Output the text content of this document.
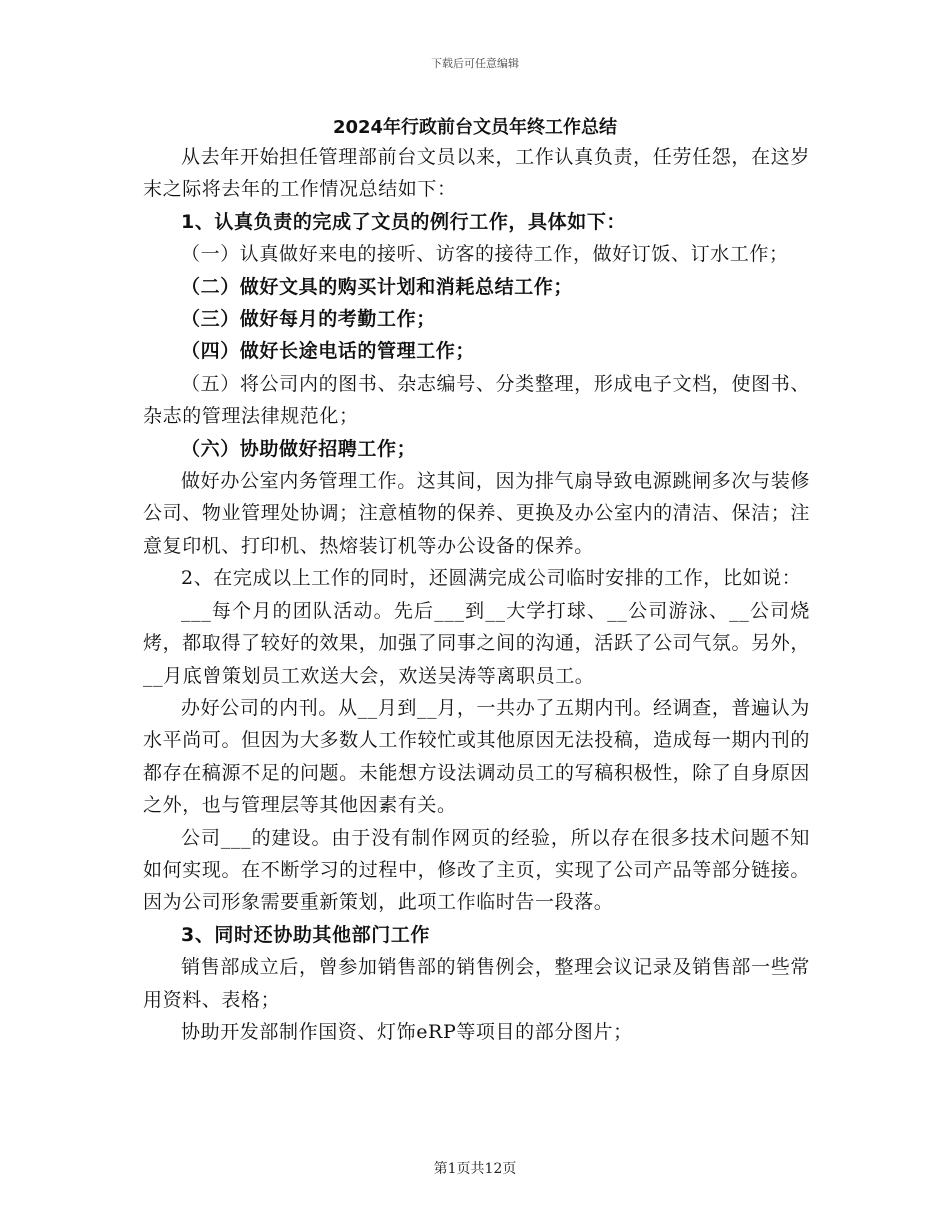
下载后可任意编辑
2024年行政前台文员年终工作总结

从去年开始担任管理部前台文员以来，工作认真负责，任劳任怨，在这岁末之际将去年的工作情况总结如下：

1、认真负责的完成了文员的例行工作，具体如下：

（一）认真做好来电的接听、访客的接待工作，做好订饭、订水工作；

（二）做好文具的购买计划和消耗总结工作；

（三）做好每月的考勤工作；

（四）做好长途电话的管理工作；

（五）将公司内的图书、杂志编号、分类整理，形成电子文档，使图书、杂志的管理法律规范化；

（六）协助做好招聘工作；

做好办公室内务管理工作。这其间，因为排气扇导致电源跳闸多次与装修公司、物业管理处协调；注意植物的保养、更换及办公室内的清洁、保洁；注意复印机、打印机、热熔装订机等办公设备的保养。

2、在完成以上工作的同时，还圆满完成公司临时安排的工作，比如说：

___每个月的团队活动。先后___到__大学打球、__公司游泳、__公司烧烤，都取得了较好的效果，加强了同事之间的沟通，活跃了公司气氛。另外，__月底曾策划员工欢送大会，欢送吴涛等离职员工。

办好公司的内刊。从__月到__月，一共办了五期内刊。经调查，普遍认为水平尚可。但因为大多数人工作较忙或其他原因无法投稿，造成每一期内刊的都存在稿源不足的问题。未能想方设法调动员工的写稿积极性，除了自身原因之外，也与管理层等其他因素有关。

公司___的建设。由于没有制作网页的经验，所以存在很多技术问题不知如何实现。在不断学习的过程中，修改了主页，实现了公司产品等部分链接。因为公司形象需要重新策划，此项工作临时告一段落。

3、同时还协助其他部门工作

销售部成立后，曾参加销售部的销售例会，整理会议记录及销售部一些常用资料、表格；

协助开发部制作国资、灯饰eRP等项目的部分图片；

第1页共12页
